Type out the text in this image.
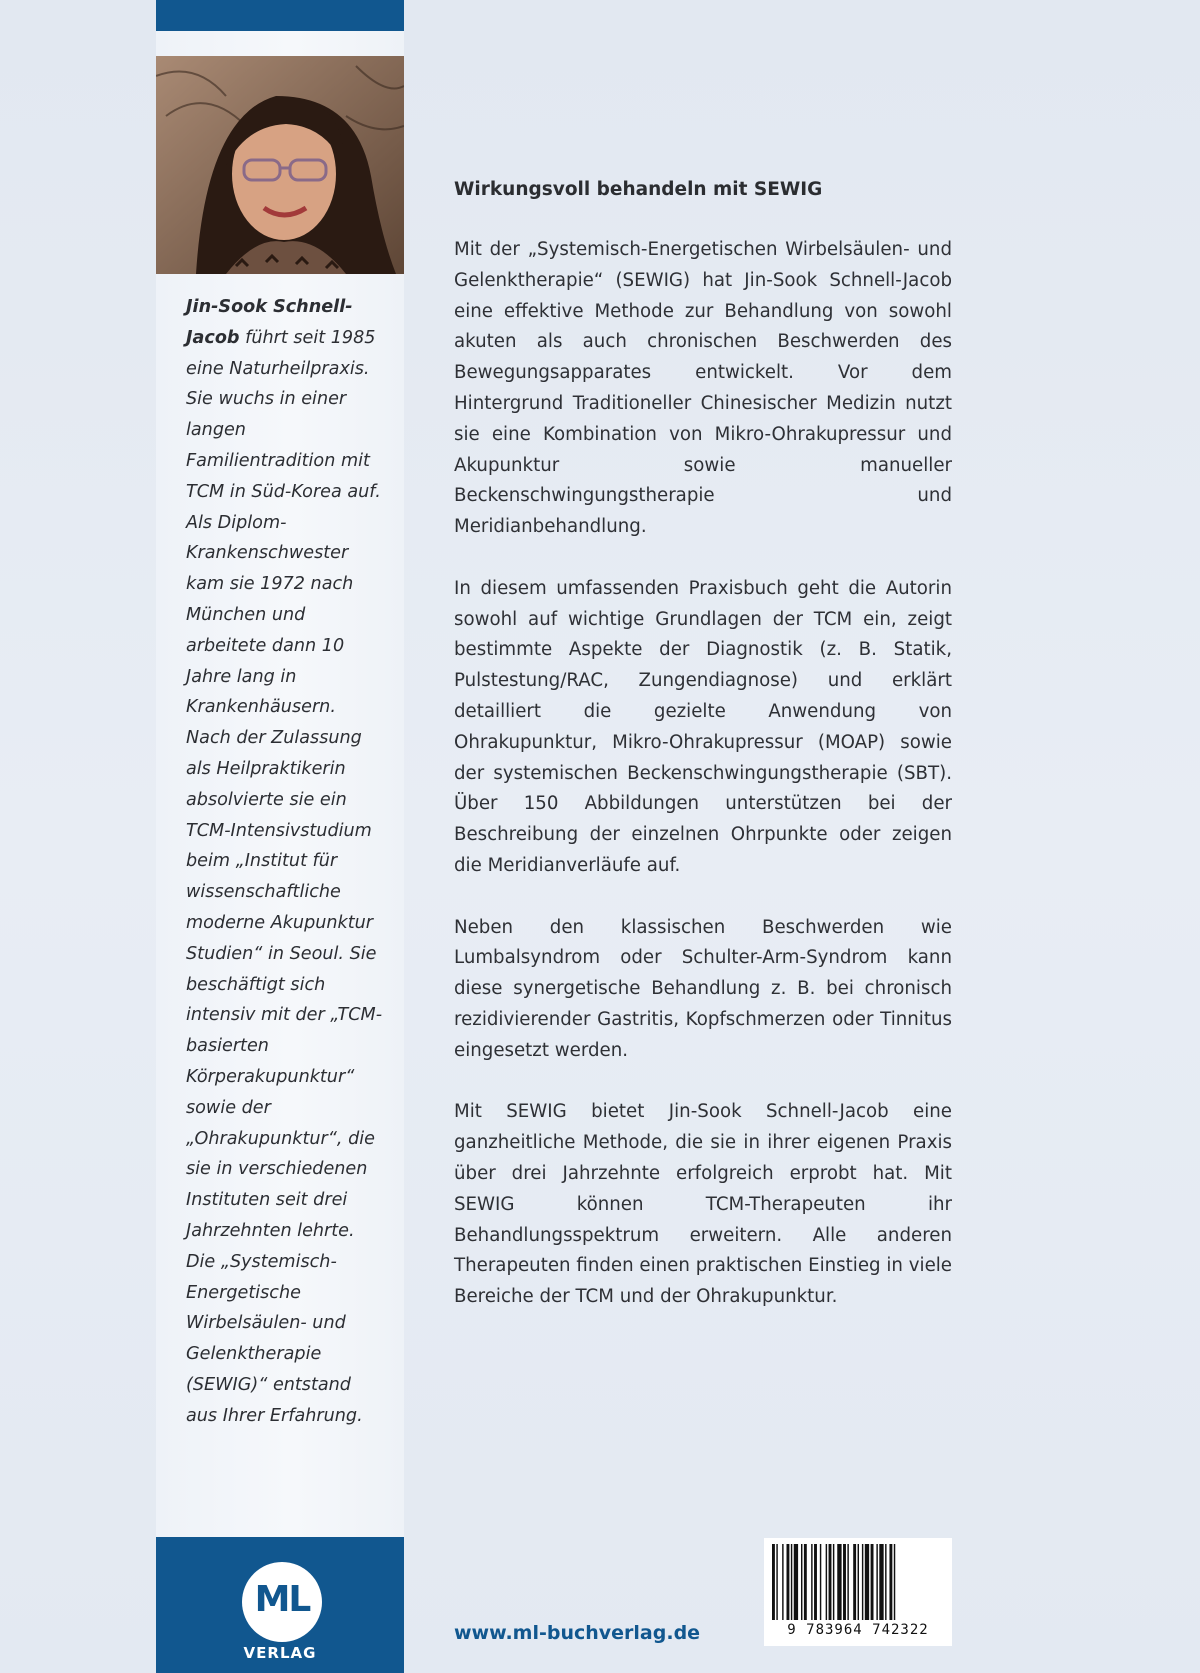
Jin-Sook Schnell-Jacob führt seit 1985 eine Naturheilpraxis. Sie wuchs in einer langen Familientradition mit TCM in Süd-Korea auf. Als Diplom-Krankenschwester kam sie 1972 nach München und arbeitete dann 10 Jahre lang in Krankenhäusern. Nach der Zulassung als Heilpraktikerin absolvierte sie ein TCM-Intensivstudium beim „Institut für wissenschaftliche moderne Akupunktur Studien“ in Seoul. Sie beschäftigt sich intensiv mit der „TCM-basierten Körperakupunktur“ sowie der „Ohrakupunktur“, die sie in verschiedenen Instituten seit drei Jahrzehnten lehrte. Die „Systemisch-Energetische Wirbelsäulen- und Gelenktherapie (SEWIG)“ entstand aus Ihrer Erfahrung.

Wirkungsvoll behandeln mit SEWIG

Mit der „Systemisch-Energetischen Wirbelsäulen- und Gelenktherapie“ (SEWIG) hat Jin-Sook Schnell-Jacob eine effektive Methode zur Behandlung von sowohl akuten als auch chronischen Beschwerden des Bewegungsapparates entwickelt. Vor dem Hintergrund Traditioneller Chinesischer Medizin nutzt sie eine Kombination von Mikro-Ohrakupressur und Akupunktur sowie manueller Beckenschwingungstherapie und Meridianbehandlung.

In diesem umfassenden Praxisbuch geht die Autorin sowohl auf wichtige Grundlagen der TCM ein, zeigt bestimmte Aspekte der Diagnostik (z. B. Statik, Pulstestung/RAC, Zungendiagnose) und erklärt detailliert die gezielte Anwendung von Ohrakupunktur, Mikro-Ohrakupressur (MOAP) sowie der systemischen Beckenschwingungstherapie (SBT). Über 150 Abbildungen unterstützen bei der Beschreibung der einzelnen Ohrpunkte oder zeigen die Meridianverläufe auf.

Neben den klassischen Beschwerden wie Lumbalsyndrom oder Schulter-Arm-Syndrom kann diese synergetische Behandlung z. B. bei chronisch rezidivierender Gastritis, Kopfschmerzen oder Tinnitus eingesetzt werden.

Mit SEWIG bietet Jin-Sook Schnell-Jacob eine ganzheitliche Methode, die sie in ihrer eigenen Praxis über drei Jahrzehnte erfolgreich erprobt hat. Mit SEWIG können TCM-Therapeuten ihr Behandlungsspektrum erweitern. Alle anderen Therapeuten finden einen praktischen Einstieg in viele Bereiche der TCM und der Ohrakupunktur.

ML
VERLAG
www.ml-buchverlag.de	9 783964 742322
